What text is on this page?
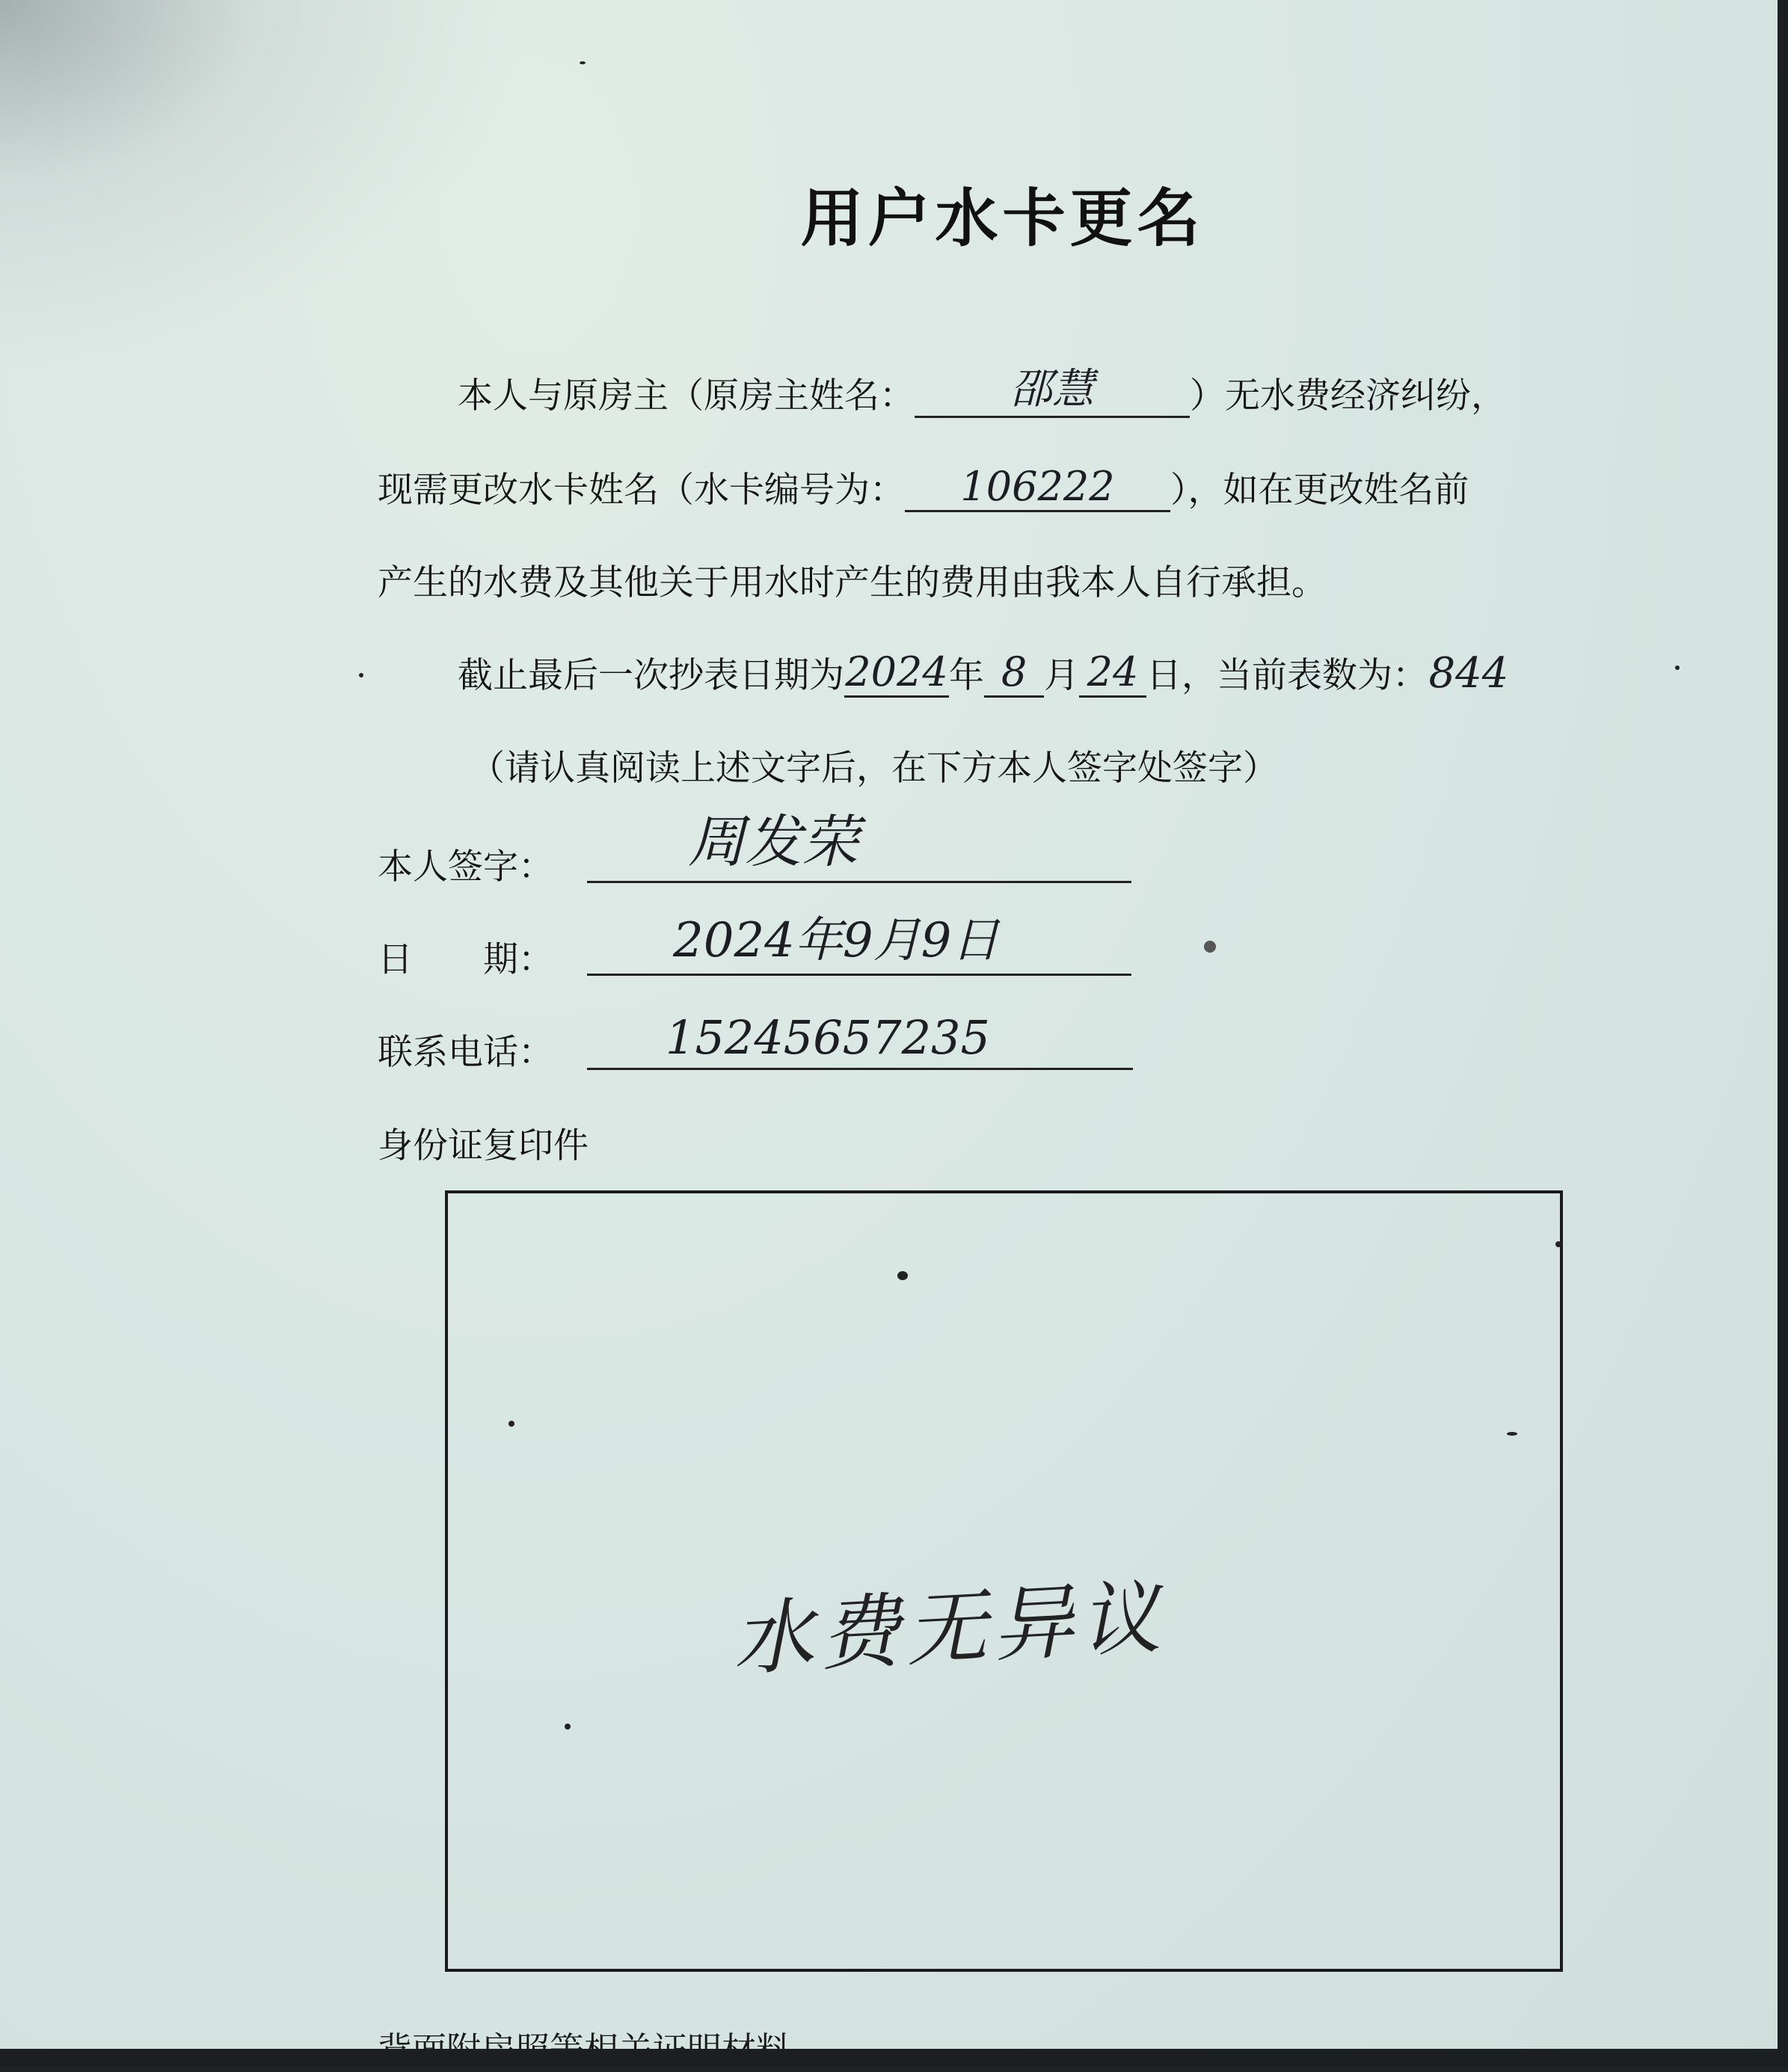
用户水卡更名
本人与原房主（原房主姓名：	邵慧	）无水费经济纠纷，
现需更改水卡姓名（水卡编号为：	106222	），如在更改姓名前
产生的水费及其他关于用水时产生的费用由我本人自行承担。
截止最后一次抄表日期为 2024 年 8 月 24 日，当前表数为： 844
（请认真阅读上述文字后，在下方本人签字处签字）
本人签字：	周发荣
日　　期：	2024年9月9日
联系电话：	15245657235
身份证复印件
水费无异议
